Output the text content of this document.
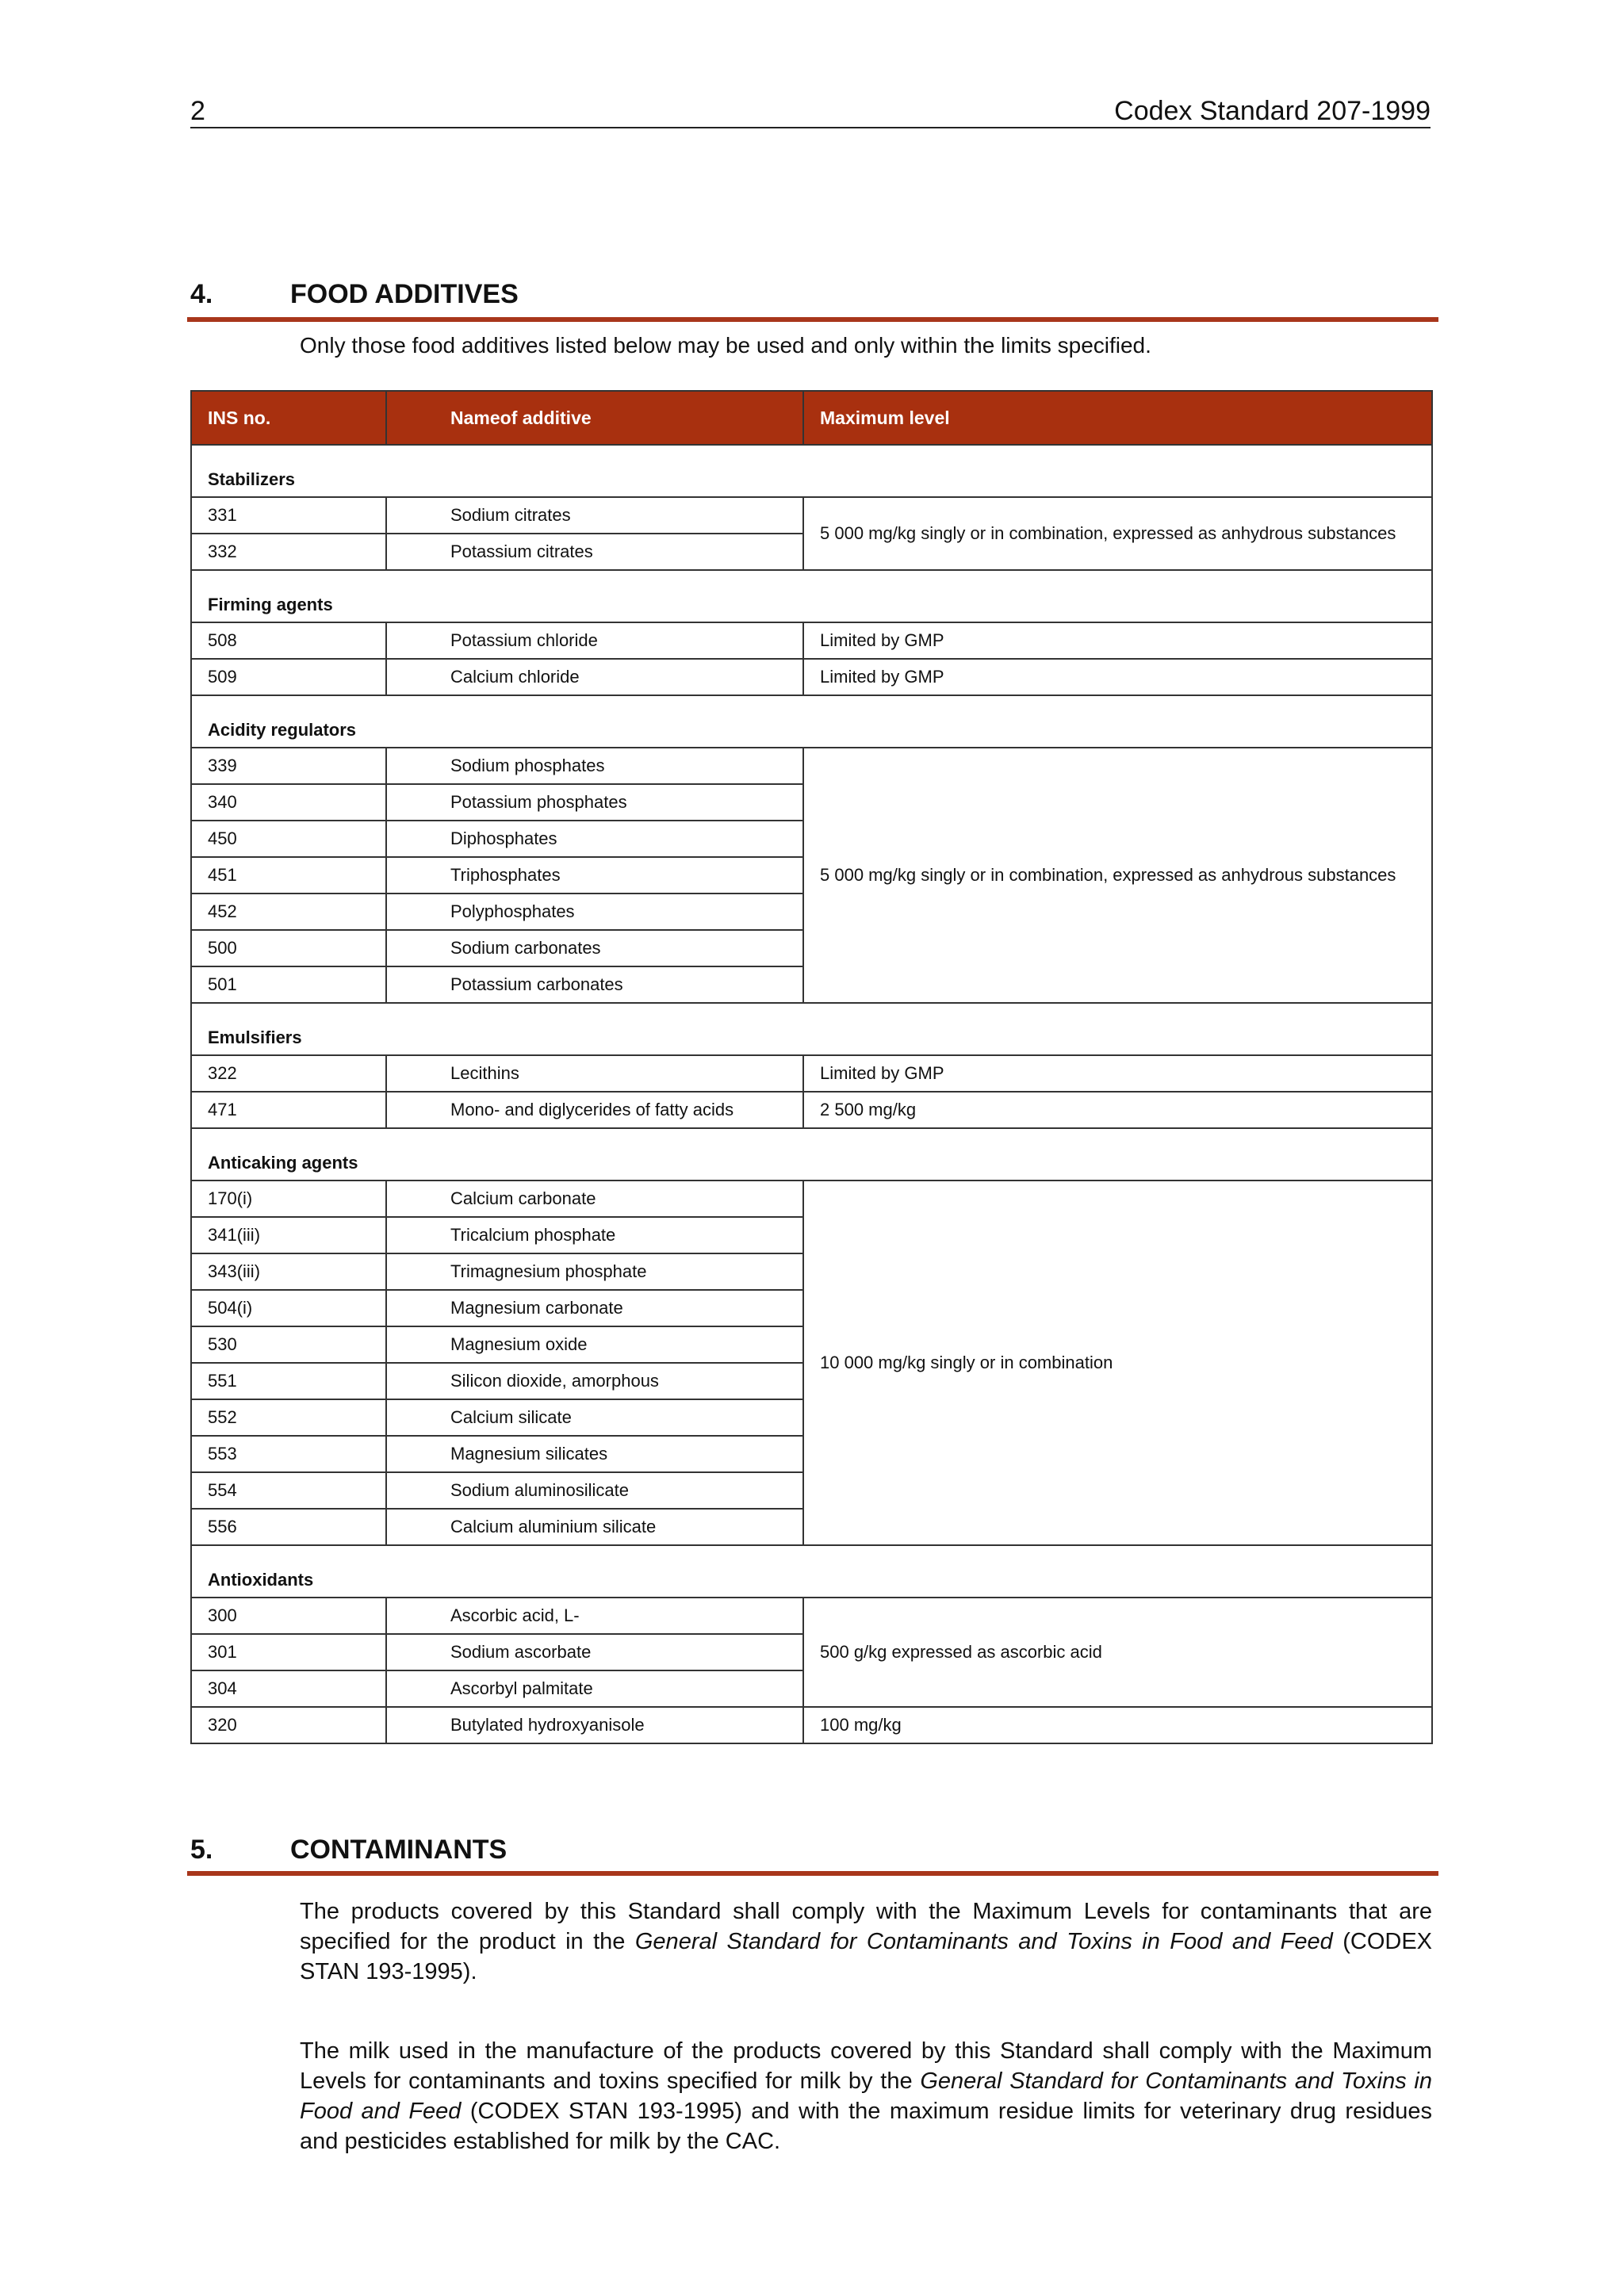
2	Codex Standard 207-1999
4.	FOOD ADDITIVES
Only those food additives listed below may be used and only within the limits specified.
INS no.	Nameof additive	Maximum level
Stabilizers		
331	Sodium citrates	5 000 mg/kg singly or in combination, expressed as anhydrous substances
332	Potassium citrates	
Firming agents		
508	Potassium chloride	Limited by GMP
509	Calcium chloride	Limited by GMP
Acidity regulators		
339	Sodium phosphates	5 000 mg/kg singly or in combination, expressed as anhydrous substances
340	Potassium phosphates	
450	Diphosphates	
451	Triphosphates	
452	Polyphosphates	
500	Sodium carbonates	
501	Potassium carbonates	
Emulsifiers		
322	Lecithins	Limited by GMP
471	Mono- and diglycerides of fatty acids	2 500 mg/kg
Anticaking agents		
170(i)	Calcium carbonate	10 000 mg/kg singly or in combination
341(iii)	Tricalcium phosphate	
343(iii)	Trimagnesium phosphate	
504(i)	Magnesium carbonate	
530	Magnesium oxide	
551	Silicon dioxide, amorphous	
552	Calcium silicate	
553	Magnesium silicates	
554	Sodium aluminosilicate	
556	Calcium aluminium silicate	
Antioxidants		
300	Ascorbic acid, L-	500 g/kg expressed as ascorbic acid
301	Sodium ascorbate	
304	Ascorbyl palmitate	
320	Butylated hydroxyanisole	100 mg/kg
5.	CONTAMINANTS

The products covered by this Standard shall comply with the Maximum Levels for contaminants that are specified for the product in the General Standard for Contaminants and Toxins in Food and Feed (CODEX STAN 193-1995).

The milk used in the manufacture of the products covered by this Standard shall comply with the Maximum Levels for contaminants and toxins specified for milk by the General Standard for Contaminants and Toxins in Food and Feed (CODEX STAN 193-1995) and with the maximum residue limits for veterinary drug residues and pesticides established for milk by the CAC.
